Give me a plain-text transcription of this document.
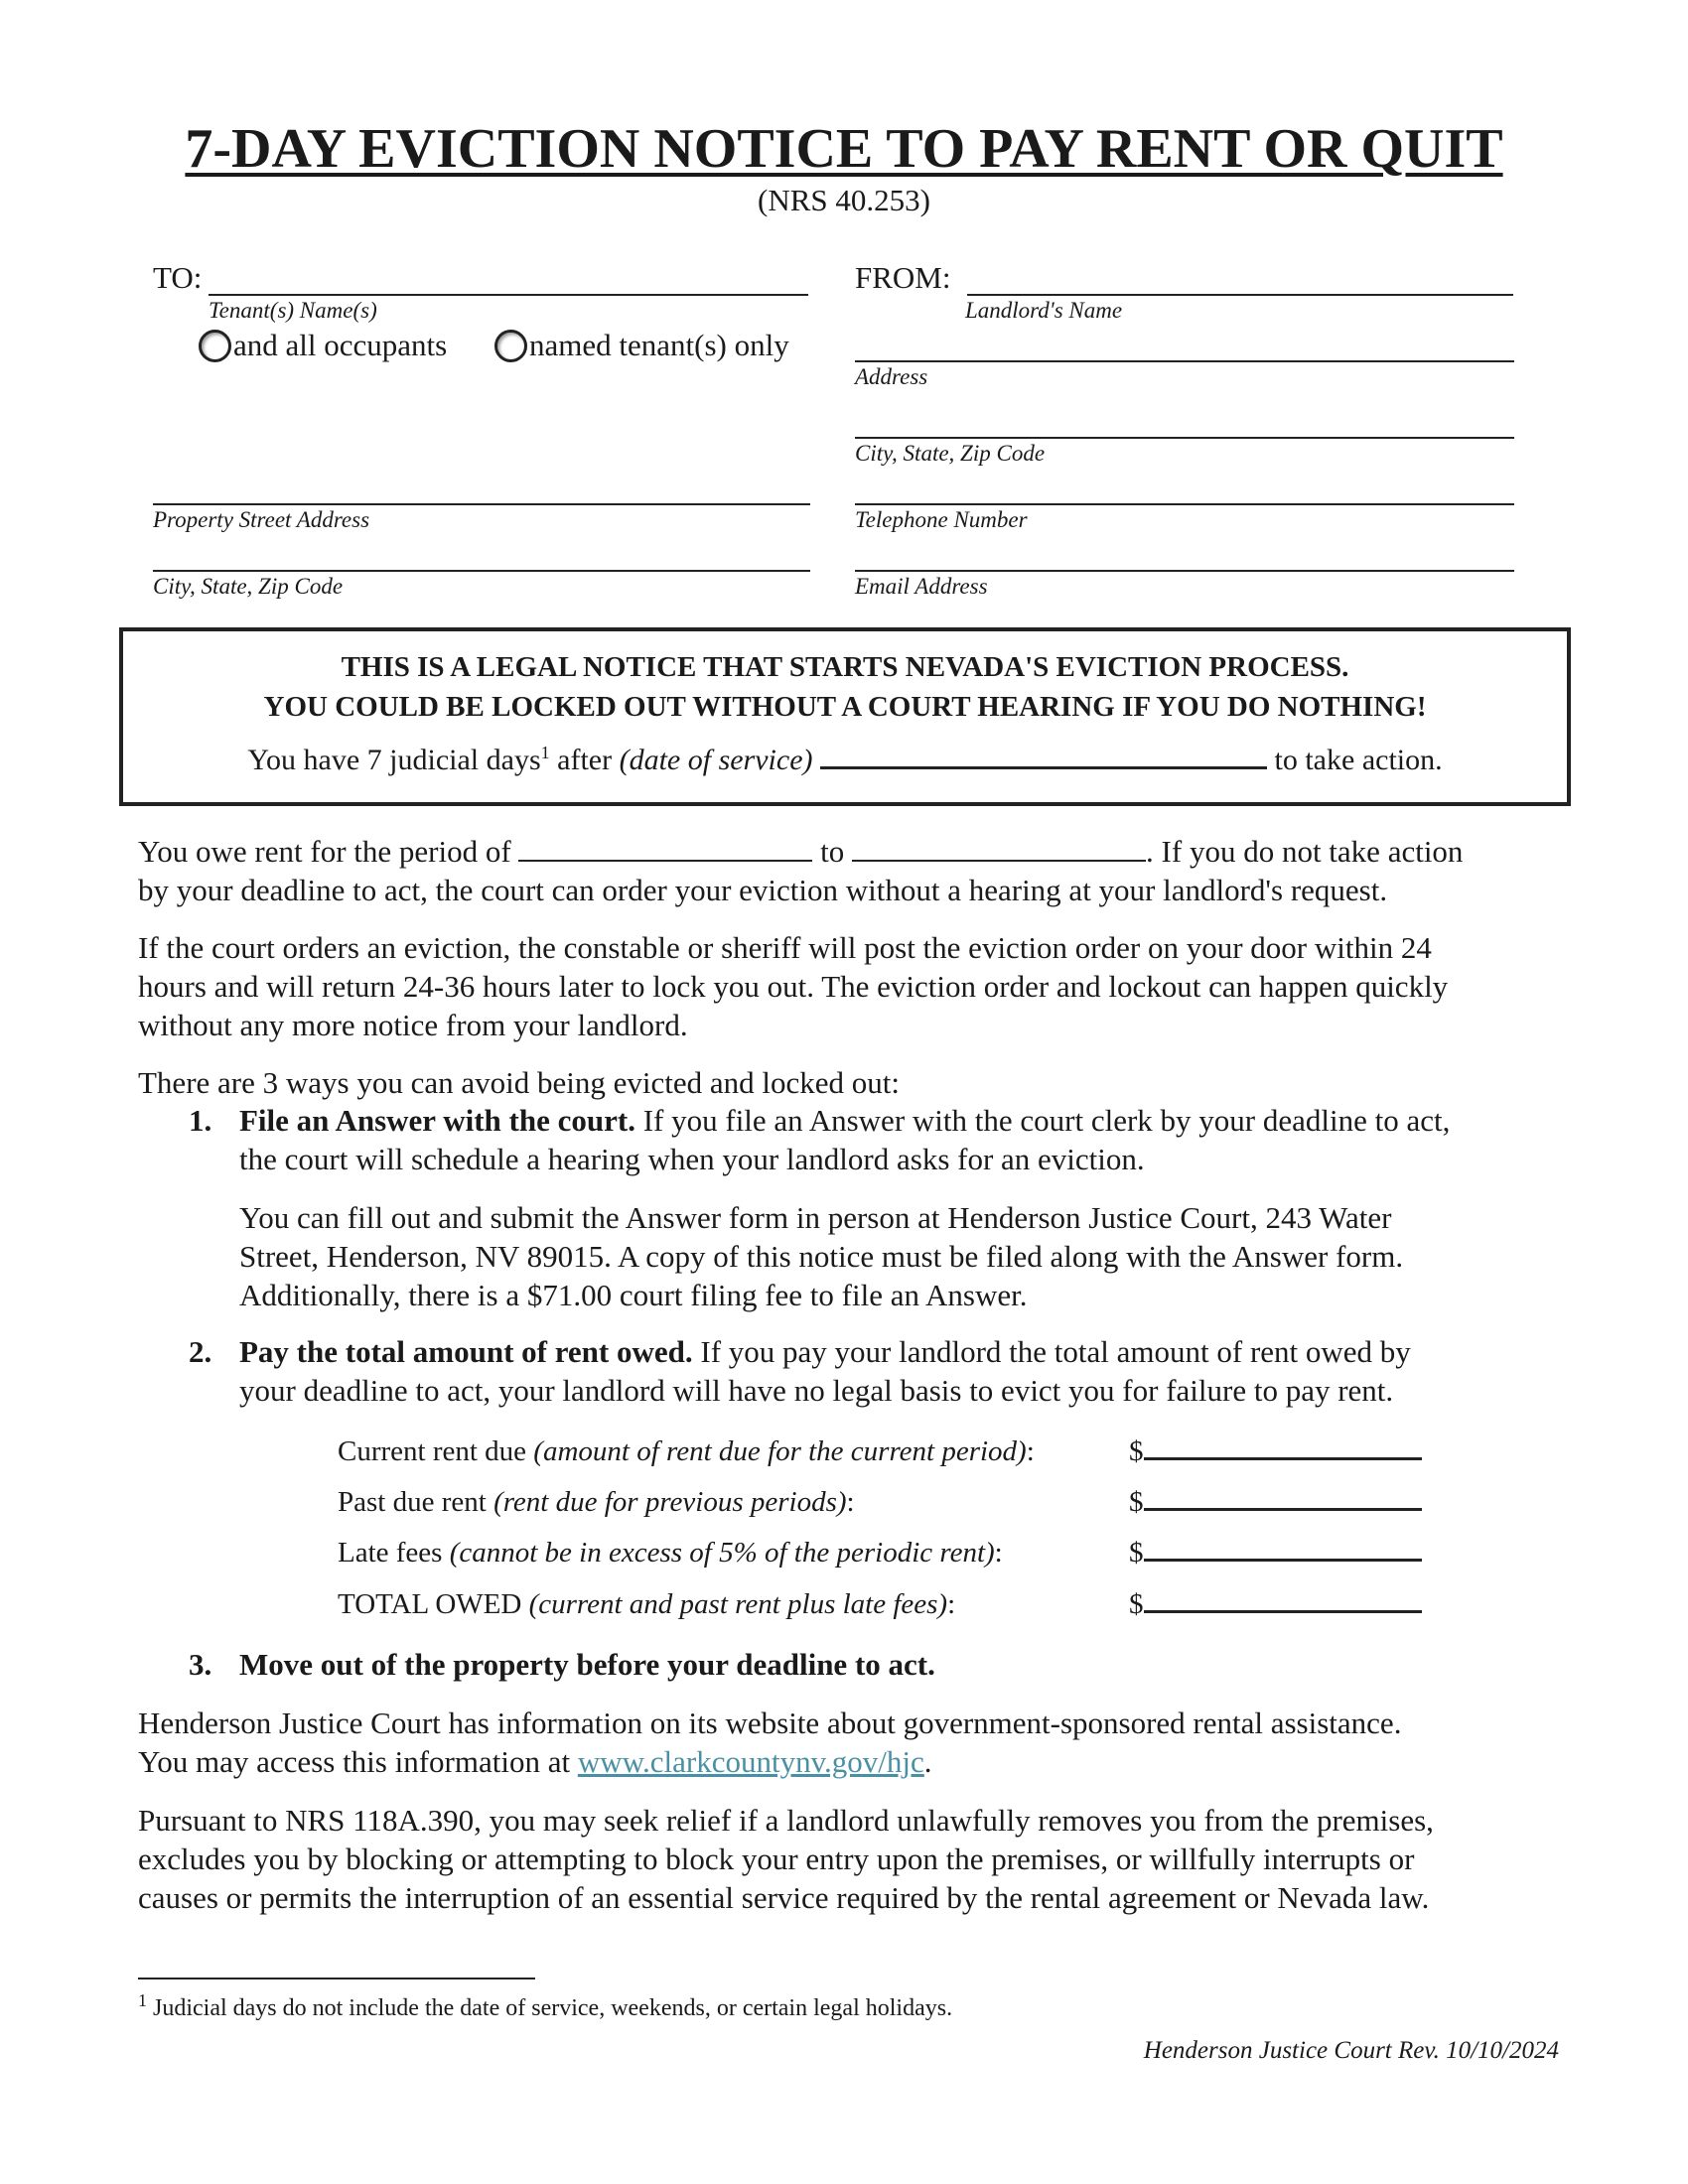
7-DAY EVICTION NOTICE TO PAY RENT OR QUIT
(NRS 40.253)
TO:
Tenant(s) Name(s)
and all occupants	named tenant(s) only
Property Street Address
City, State, Zip Code
FROM:
Landlord's Name
Address
City, State, Zip Code
Telephone Number
Email Address
THIS IS A LEGAL NOTICE THAT STARTS NEVADA'S EVICTION PROCESS.
YOU COULD BE LOCKED OUT WITHOUT A COURT HEARING IF YOU DO NOTHING!
You have 7 judicial days$^1$ after (date of service)	to take action.
You owe rent for the period of	to	. If you do not take action
by your deadline to act, the court can order your eviction without a hearing at your landlord's request.
If the court orders an eviction, the constable or sheriff will post the eviction order on your door within 24
hours and will return 24-36 hours later to lock you out. The eviction order and lockout can happen quickly
without any more notice from your landlord.
There are 3 ways you can avoid being evicted and locked out:
1. File an Answer with the court. If you file an Answer with the court clerk by your deadline to act,
the court will schedule a hearing when your landlord asks for an eviction.
You can fill out and submit the Answer form in person at Henderson Justice Court, 243 Water
Street, Henderson, NV 89015. A copy of this notice must be filed along with the Answer form.
Additionally, there is a $71.00 court filing fee to file an Answer.
2. Pay the total amount of rent owed. If you pay your landlord the total amount of rent owed by
your deadline to act, your landlord will have no legal basis to evict you for failure to pay rent.
Current rent due (amount of rent due for the current period):	$
Past due rent (rent due for previous periods):	$
Late fees (cannot be in excess of 5% of the periodic rent):	$
TOTAL OWED (current and past rent plus late fees):	$
3. Move out of the property before your deadline to act.
Henderson Justice Court has information on its website about government-sponsored rental assistance.
You may access this information at www.clarkcountynv.gov/hjc.
Pursuant to NRS 118A.390, you may seek relief if a landlord unlawfully removes you from the premises,
excludes you by blocking or attempting to block your entry upon the premises, or willfully interrupts or
causes or permits the interruption of an essential service required by the rental agreement or Nevada law.
$^1$ Judicial days do not include the date of service, weekends, or certain legal holidays.
Henderson Justice Court Rev. 10/10/2024
